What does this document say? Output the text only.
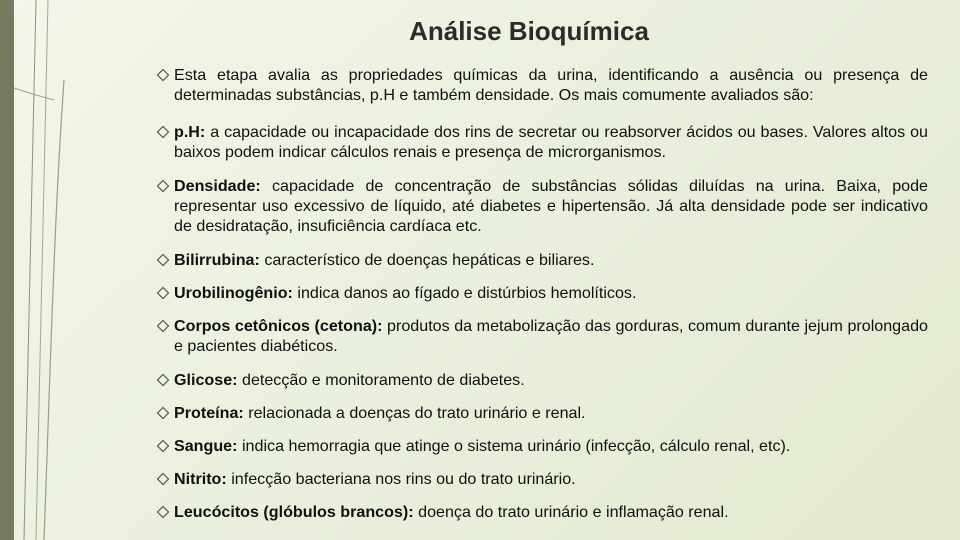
Análise Bioquímica

Esta etapa avalia as propriedades químicas da urina, identificando a ausência ou presença de determinadas substâncias, p.H e também densidade. Os mais comumente avaliados são:

p.H: a capacidade ou incapacidade dos rins de secretar ou reabsorver ácidos ou bases. Valores altos ou baixos podem indicar cálculos renais e presença de microrganismos.

Densidade: capacidade de concentração de substâncias sólidas diluídas na urina. Baixa, pode representar uso excessivo de líquido, até diabetes e hipertensão. Já alta densidade pode ser indicativo de desidratação, insuficiência cardíaca etc.

Bilirrubina: característico de doenças hepáticas e biliares.

Urobilinogênio: indica danos ao fígado e distúrbios hemolíticos.

Corpos cetônicos (cetona): produtos da metabolização das gorduras, comum durante jejum prolongado e pacientes diabéticos.

Glicose: detecção e monitoramento de diabetes.

Proteína: relacionada a doenças do trato urinário e renal.

Sangue: indica hemorragia que atinge o sistema urinário (infecção, cálculo renal, etc).

Nitrito: infecção bacteriana nos rins ou do trato urinário.

Leucócitos (glóbulos brancos): doença do trato urinário e inflamação renal.
